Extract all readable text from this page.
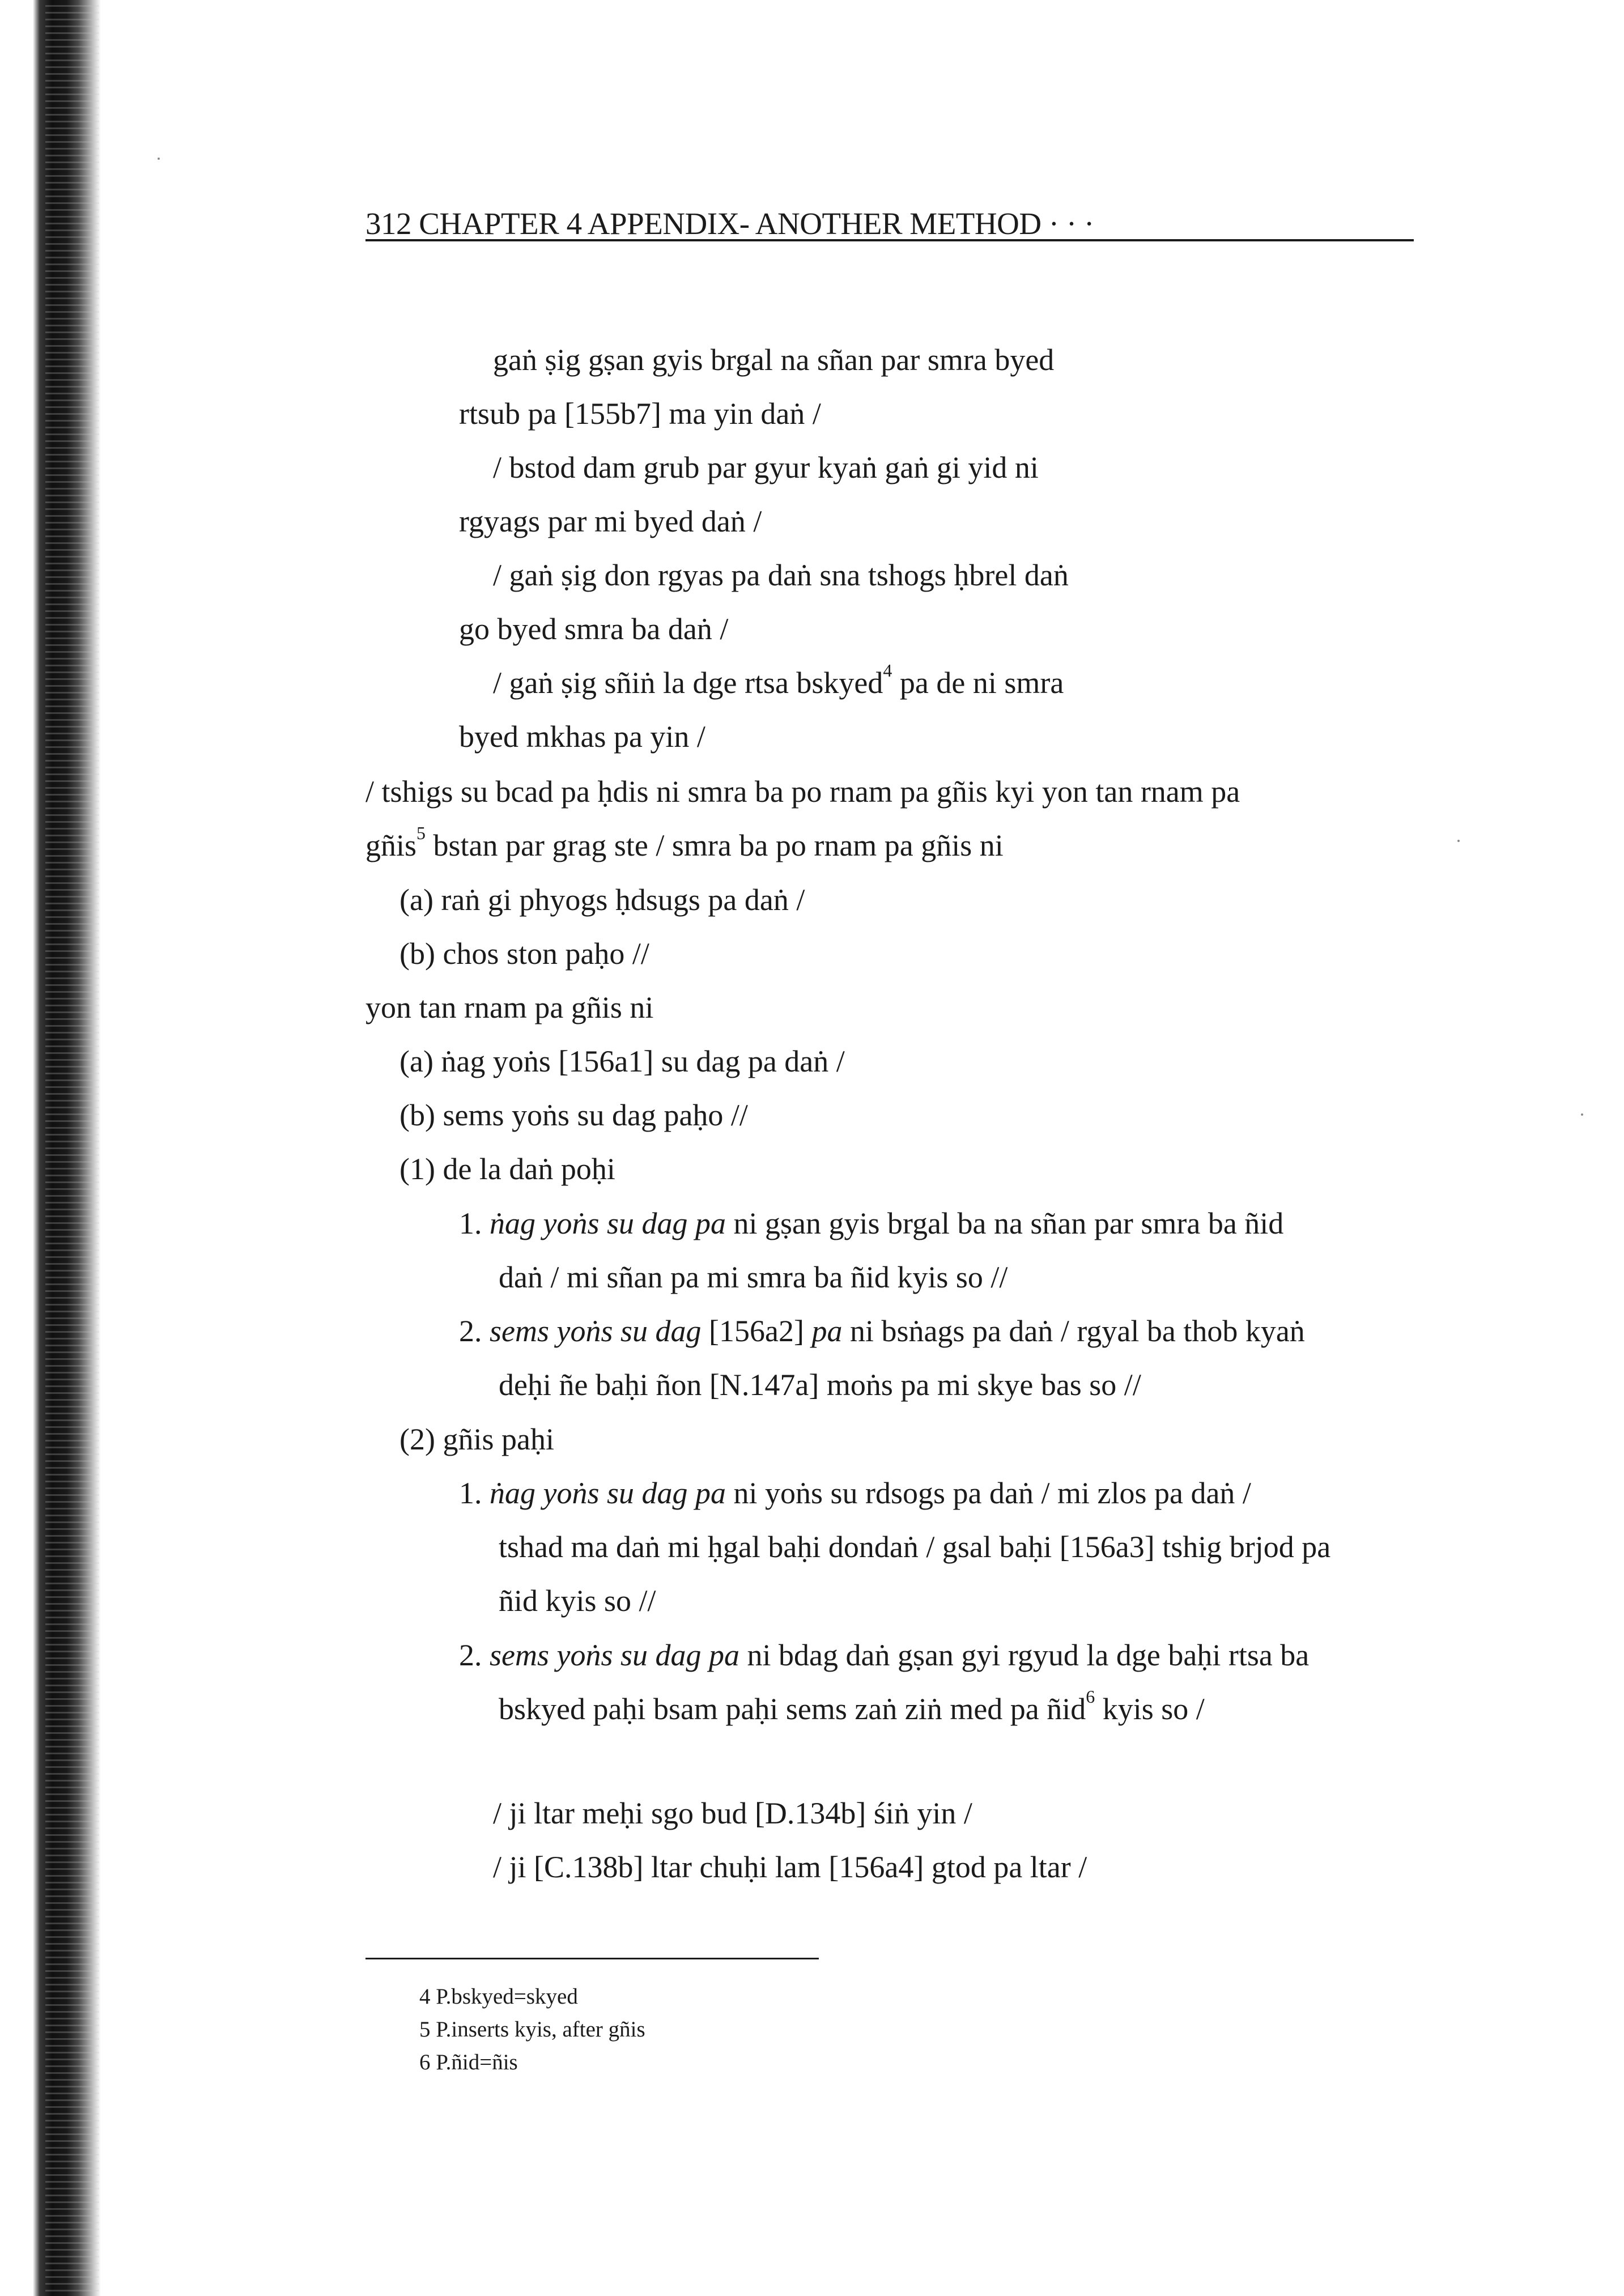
312 CHAPTER 4 APPENDIX- ANOTHER METHOD · · ·
gaṅ ṣig gṣan gyis brgal na sñan par smra byed
rtsub pa [155b7] ma yin daṅ /
/ bstod dam grub par gyur kyaṅ gaṅ gi yid ni
rgyags par mi byed daṅ /
/ gaṅ ṣig don rgyas pa daṅ sna tshogs ḥbrel daṅ
go byed smra ba daṅ /
/ gaṅ ṣig sñiṅ la dge rtsa bskyed$^4$ pa de ni smra
byed mkhas pa yin /
/ tshigs su bcad pa ḥdis ni smra ba po rnam pa gñis kyi yon tan rnam pa
gñis$^5$ bstan par grag ste / smra ba po rnam pa gñis ni
(a) raṅ gi phyogs ḥdsugs pa daṅ /
(b) chos ston paḥo //
yon tan rnam pa gñis ni
(a) ṅag yoṅs [156a1] su dag pa daṅ /
(b) sems yoṅs su dag paḥo //
(1) de la daṅ poḥi
1. ṅag yoṅs su dag pa ni gṣan gyis brgal ba na sñan par smra ba ñid
daṅ / mi sñan pa mi smra ba ñid kyis so //
2. sems yoṅs su dag [156a2] pa ni bsṅags pa daṅ / rgyal ba thob kyaṅ
deḥi ñe baḥi ñon [N.147a] moṅs pa mi skye bas so //
(2) gñis paḥi
1. ṅag yoṅs su dag pa ni yoṅs su rdsogs pa daṅ / mi zlos pa daṅ /
tshad ma daṅ mi ḥgal baḥi dondaṅ / gsal baḥi [156a3] tshig brjod pa
ñid kyis so //
2. sems yoṅs su dag pa ni bdag daṅ gṣan gyi rgyud la dge baḥi rtsa ba
bskyed paḥi bsam paḥi sems zaṅ ziṅ med pa ñid$^6$ kyis so /
/ ji ltar meḥi sgo bud [D.134b] śiṅ yin /
/ ji [C.138b] ltar chuḥi lam [156a4] gtod pa ltar /
4 P.bskyed=skyed
5 P.inserts kyis, after gñis
6 P.ñid=ñis
